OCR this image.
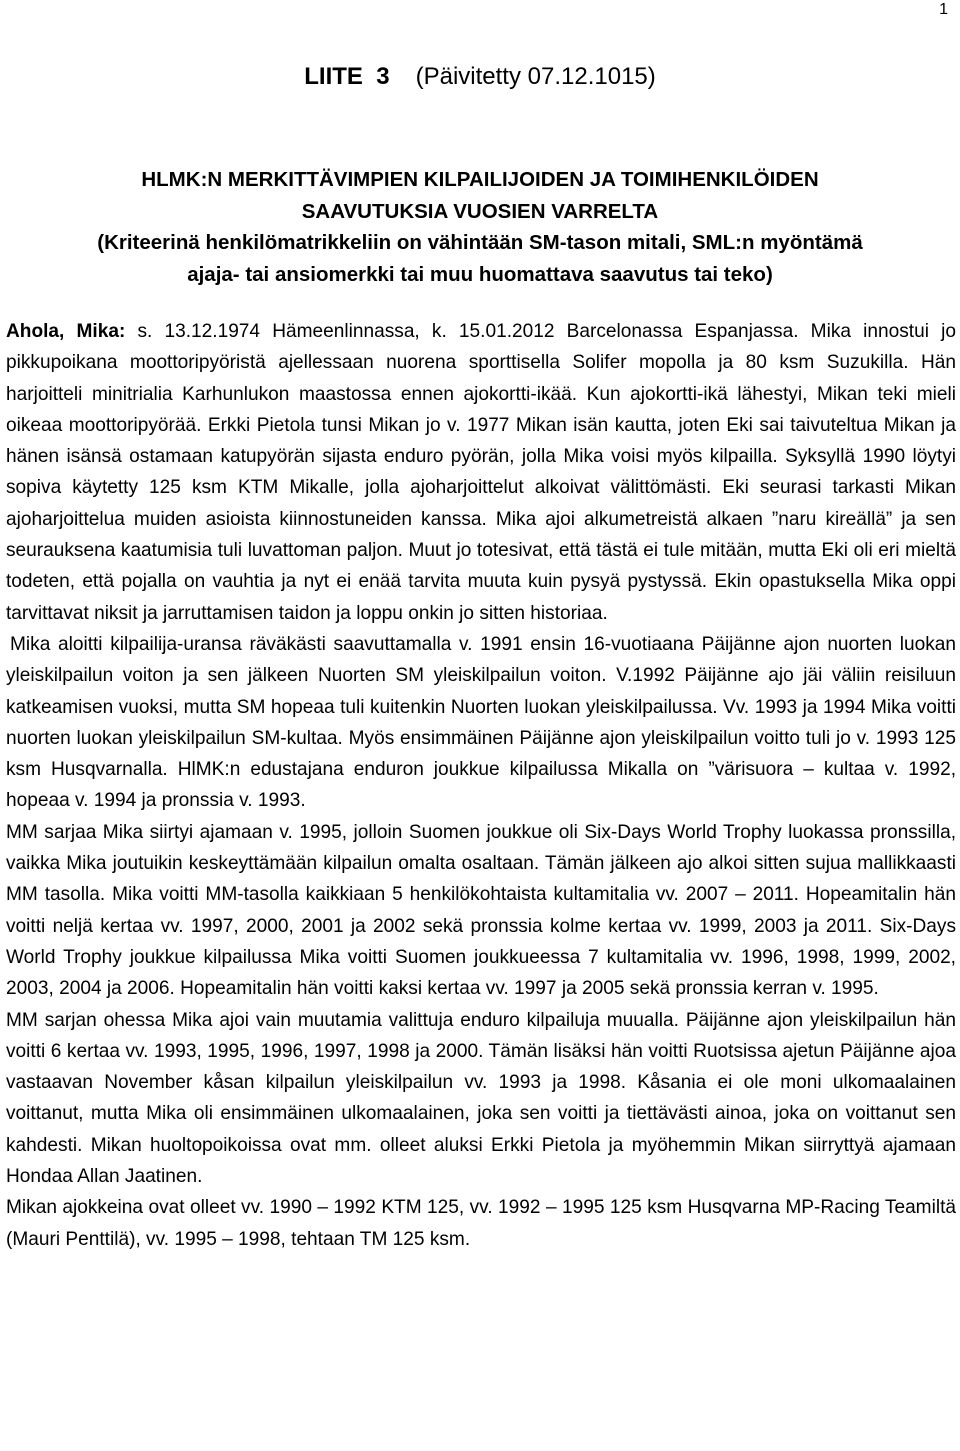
1
LIITE  3 (Päivitetty 07.12.1015)
HLMK:N MERKITTÄVIMPIEN KILPAILIJOIDEN JA TOIMIHENKILÖIDEN
SAAVUTUKSIA VUOSIEN VARRELTA
(Kriteerinä henkilömatrikkeliin on vähintään SM-tason mitali, SML:n myöntämä
ajaja- tai ansiomerkki tai muu huomattava saavutus tai teko)

Ahola, Mika: s. 13.12.1974 Hämeenlinnassa, k. 15.01.2012 Barcelonassa Espanjassa. Mika innostui jo pikkupoikana moottoripyöristä ajellessaan nuorena sporttisella Solifer mopolla ja 80 ksm Suzukilla. Hän harjoitteli minitrialia Karhunlukon maastossa ennen ajokortti-ikää. Kun ajokortti-ikä lähestyi, Mikan teki mieli oikeaa moottoripyörää. Erkki Pietola tunsi Mikan jo v. 1977 Mikan isän kautta, joten Eki sai taivuteltua Mikan ja hänen isänsä ostamaan katupyörän sijasta enduro pyörän, jolla Mika voisi myös kilpailla. Syksyllä 1990 löytyi sopiva käytetty 125 ksm KTM Mikalle, jolla ajoharjoittelut alkoivat välittömästi. Eki seurasi tarkasti Mikan ajoharjoittelua muiden asioista kiinnostuneiden kanssa. Mika ajoi alkumetreistä alkaen ”naru kireällä” ja sen seurauksena kaatumisia tuli luvattoman paljon. Muut jo totesivat, että tästä ei tule mitään, mutta Eki oli eri mieltä todeten, että pojalla on vauhtia ja nyt ei enää tarvita muuta kuin pysyä pystyssä. Ekin opastuksella Mika oppi tarvittavat niksit ja jarruttamisen taidon ja loppu onkin jo sitten historiaa.

Mika aloitti kilpailija-uransa räväkästi saavuttamalla v. 1991 ensin 16-vuotiaana Päijänne ajon nuorten luokan yleiskilpailun voiton ja sen jälkeen Nuorten SM yleiskilpailun voiton. V.1992 Päijänne ajo jäi väliin reisiluun katkeamisen vuoksi, mutta SM hopeaa tuli kuitenkin Nuorten luokan yleiskilpailussa. Vv. 1993 ja 1994 Mika voitti nuorten luokan yleiskilpailun SM-kultaa. Myös ensimmäinen Päijänne ajon yleiskilpailun voitto tuli jo v. 1993 125 ksm Husqvarnalla. HlMK:n edustajana enduron joukkue kilpailussa Mikalla on ”värisuora – kultaa v. 1992, hopeaa v. 1994 ja pronssia v. 1993.

MM sarjaa Mika siirtyi ajamaan v. 1995, jolloin Suomen joukkue oli Six-Days World Trophy luokassa pronssilla, vaikka Mika joutuikin keskeyttämään kilpailun omalta osaltaan. Tämän jälkeen ajo alkoi sitten sujua mallikkaasti MM tasolla. Mika voitti MM-tasolla kaikkiaan 5 henkilökohtaista kultamitalia vv. 2007 – 2011. Hopeamitalin hän voitti neljä kertaa vv. 1997, 2000, 2001 ja 2002 sekä pronssia kolme kertaa vv. 1999, 2003 ja 2011. Six-Days World Trophy joukkue kilpailussa Mika voitti Suomen joukkueessa 7 kultamitalia vv. 1996, 1998, 1999, 2002, 2003, 2004 ja 2006. Hopeamitalin hän voitti kaksi kertaa vv. 1997 ja 2005 sekä pronssia kerran v. 1995.

MM sarjan ohessa Mika ajoi vain muutamia valittuja enduro kilpailuja muualla. Päijänne ajon yleiskilpailun hän voitti 6 kertaa vv. 1993, 1995, 1996, 1997, 1998 ja 2000. Tämän lisäksi hän voitti Ruotsissa ajetun Päijänne ajoa vastaavan November kåsan kilpailun yleiskilpailun vv. 1993 ja 1998. Kåsania ei ole moni ulkomaalainen voittanut, mutta Mika oli ensimmäinen ulkomaalainen, joka sen voitti ja tiettävästi ainoa, joka on voittanut sen kahdesti. Mikan huoltopoikoissa ovat mm. olleet aluksi Erkki Pietola ja myöhemmin Mikan siirryttyä ajamaan Hondaa Allan Jaatinen.

Mikan ajokkeina ovat olleet vv. 1990 – 1992 KTM 125, vv. 1992 – 1995 125 ksm Husqvarna MP-Racing Teamiltä (Mauri Penttilä), vv. 1995 – 1998, tehtaan TM 125 ksm.
